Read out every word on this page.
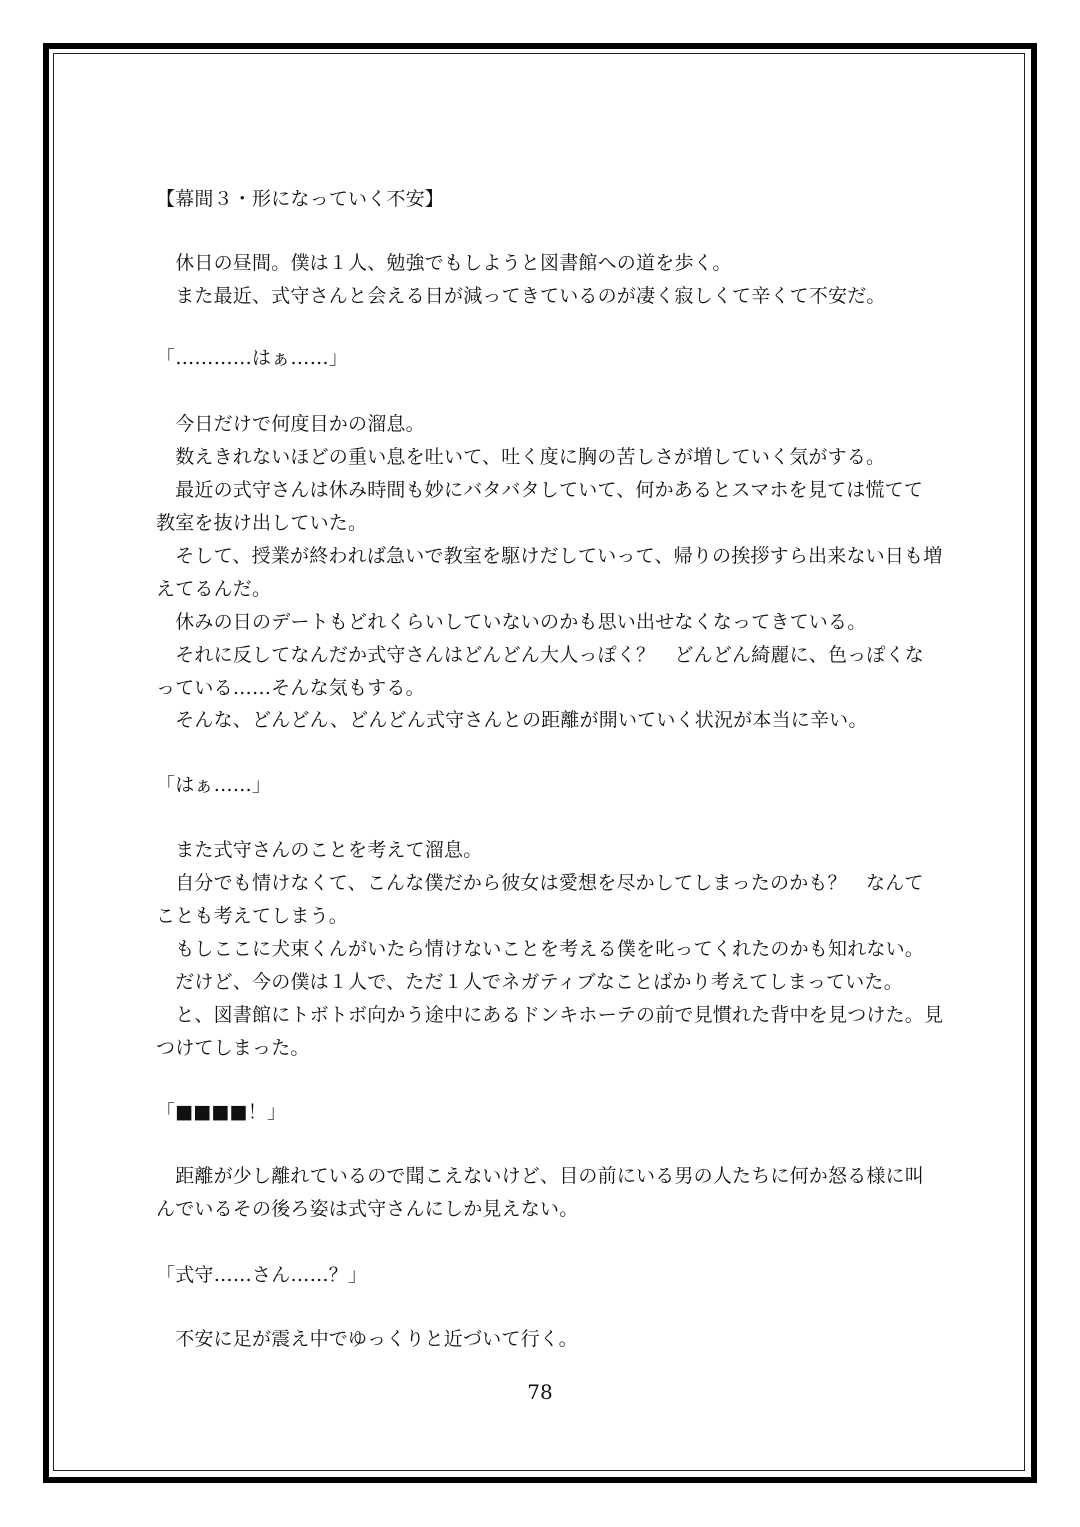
【幕間３・形になっていく不安】
　休日の昼間。僕は１人、勉強でもしようと図書館への道を歩く。
　また最近、式守さんと会える日が減ってきているのが凄く寂しくて辛くて不安だ。
「…………はぁ……」
　今日だけで何度目かの溜息。
　数えきれないほどの重い息を吐いて、吐く度に胸の苦しさが増していく気がする。
　最近の式守さんは休み時間も妙にバタバタしていて、何かあるとスマホを見ては慌てて
教室を抜け出していた。
　そして、授業が終われば急いで教室を駆けだしていって、帰りの挨拶すら出来ない日も増
えてるんだ。
　休みの日のデートもどれくらいしていないのかも思い出せなくなってきている。
　それに反してなんだか式守さんはどんどん大人っぽく？　どんどん綺麗に、色っぽくな
っている……そんな気もする。
　そんな、どんどん、どんどん式守さんとの距離が開いていく状況が本当に辛い。
「はぁ……」
　また式守さんのことを考えて溜息。
　自分でも情けなくて、こんな僕だから彼女は愛想を尽かしてしまったのかも？　なんて
ことも考えてしまう。
　もしここに犬束くんがいたら情けないことを考える僕を叱ってくれたのかも知れない。
　だけど、今の僕は１人で、ただ１人でネガティブなことばかり考えてしまっていた。
　と、図書館にトボトボ向かう途中にあるドンキホーテの前で見慣れた背中を見つけた。見
つけてしまった。
「■■■■！」
　距離が少し離れているので聞こえないけど、目の前にいる男の人たちに何か怒る様に叫
んでいるその後ろ姿は式守さんにしか見えない。
「式守……さん……？」
　不安に足が震え中でゆっくりと近づいて行く。
78
